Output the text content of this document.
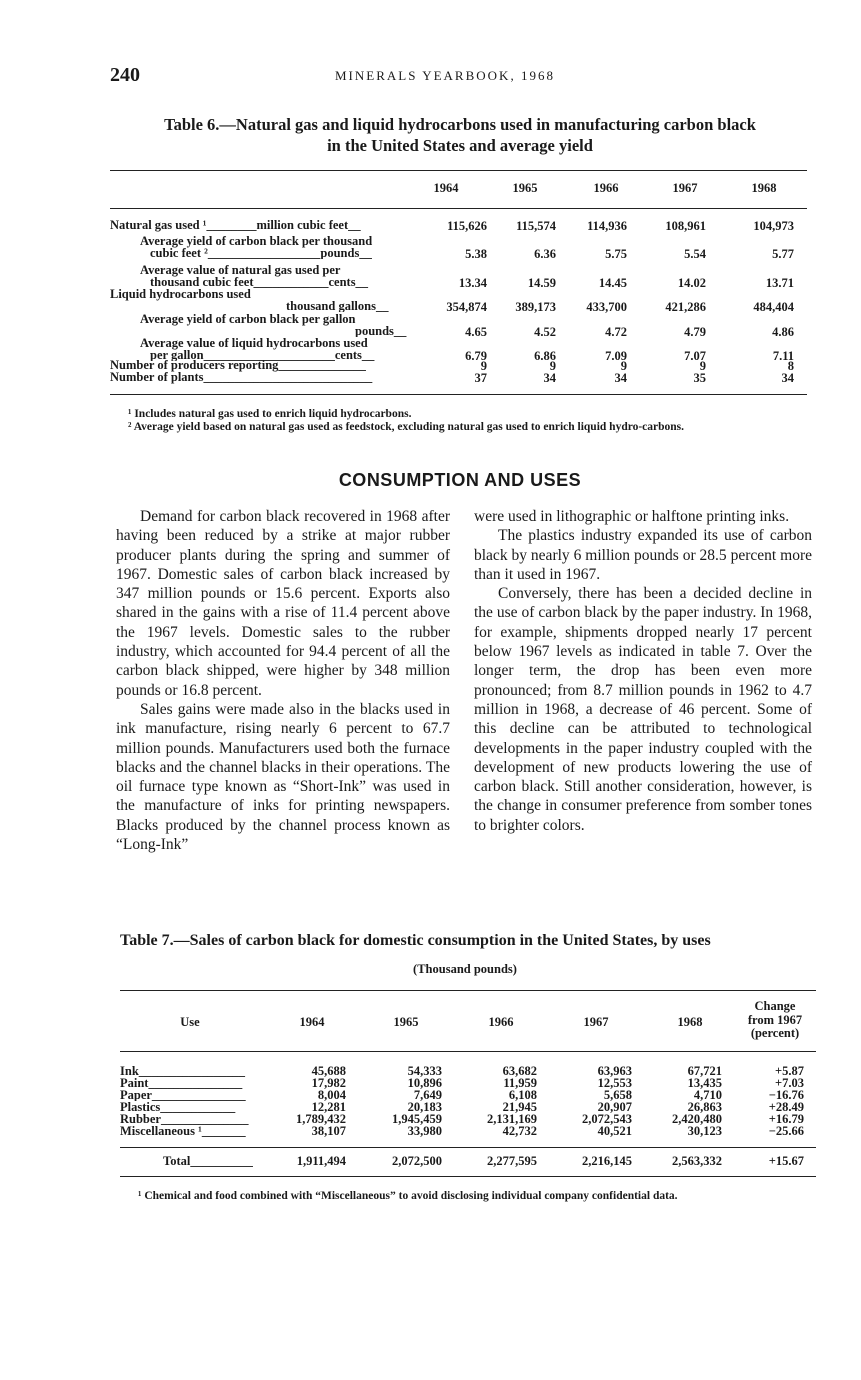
240	MINERALS YEARBOOK, 1968
Table 6.—Natural gas and liquid hydrocarbons used in manufacturing carbon black
in the United States and average yield
1964	1965	1966	1967	1968
Natural gas used ¹________million cubic feet__	115,626	115,574	114,936	108,961	104,973
Average yield of carbon black per thousand
cubic feet ²__________________pounds__	5.38	6.36	5.75	5.54	5.77
Average value of natural gas used per
thousand cubic feet____________cents__	13.34	14.59	14.45	14.02	13.71
Liquid hydrocarbons used
thousand gallons__	354,874	389,173	433,700	421,286	484,404
Average yield of carbon black per gallon
pounds__	4.65	4.52	4.72	4.79	4.86
Average value of liquid hydrocarbons used
per gallon_____________________cents__	6.79	6.86	7.09	7.07	7.11
Number of producers reporting______________	9	9	9	9	8
Number of plants___________________________	37	34	34	35	34
¹ Includes natural gas used to enrich liquid hydrocarbons.
² Average yield based on natural gas used as feedstock, excluding natural gas used to enrich liquid hydro-carbons.
CONSUMPTION AND USES

Demand for carbon black recovered in 1968 after having been reduced by a strike at major rubber producer plants during the spring and summer of 1967. Domestic sales of carbon black increased by 347 million pounds or 15.6 percent. Exports also shared in the gains with a rise of 11.4 percent above the 1967 levels. Domestic sales to the rubber industry, which accounted for 94.4 percent of all the carbon black shipped, were higher by 348 million pounds or 16.8 percent.

Sales gains were made also in the blacks used in ink manufacture, rising nearly 6 percent to 67.7 million pounds. Manufacturers used both the furnace blacks and the channel blacks in their operations. The oil furnace type known as “Short-Ink” was used in the manufacture of inks for printing newspapers. Blacks produced by the channel process known as “Long-Ink”

were used in lithographic or halftone printing inks.

The plastics industry expanded its use of carbon black by nearly 6 million pounds or 28.5 percent more than it used in 1967.

Conversely, there has been a decided decline in the use of carbon black by the paper industry. In 1968, for example, shipments dropped nearly 17 percent below 1967 levels as indicated in table 7. Over the longer term, the drop has been even more pronounced; from 8.7 million pounds in 1962 to 4.7 million in 1968, a decrease of 46 percent. Some of this decline can be attributed to technological developments in the paper industry coupled with the development of new products lowering the use of carbon black. Still another consideration, however, is the change in consumer preference from somber tones to brighter colors.

Table 7.—Sales of carbon black for domestic consumption in the United States, by uses
(Thousand pounds)
Use	1964	1965	1966	1967	1968
Change
from 1967
(percent)
Ink_________________	45,688	54,333	63,682	63,963	67,721	+5.87
Paint_______________	17,982	10,896	11,959	12,553	13,435	+7.03
Paper_______________	8,004	7,649	6,108	5,658	4,710	−16.76
Plastics____________	12,281	20,183	21,945	20,907	26,863	+28.49
Rubber______________	1,789,432	1,945,459	2,131,169	2,072,543	2,420,480	+16.79
Miscellaneous ¹_______	38,107	33,980	42,732	40,521	30,123	−25.66
Total__________	1,911,494	2,072,500	2,277,595	2,216,145	2,563,332	+15.67
¹ Chemical and food combined with “Miscellaneous” to avoid disclosing individual company confidential data.
